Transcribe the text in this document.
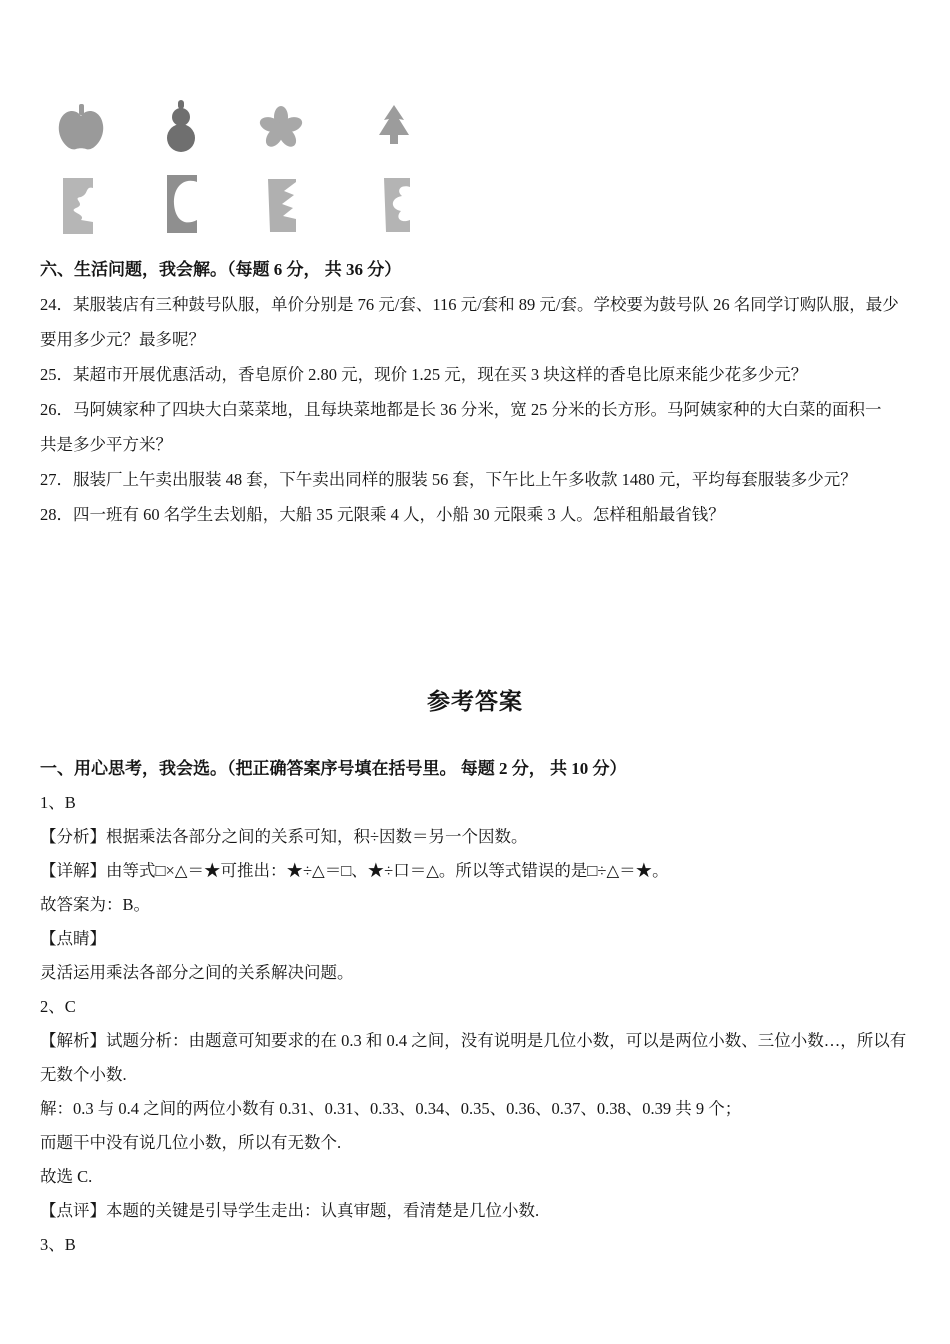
六、生活问题，我会解。（每题 6 分， 共 36 分）
24．某服装店有三种鼓号队服，单价分别是 76 元/套、116 元/套和 89 元/套。学校要为鼓号队 26 名同学订购队服，最少
要用多少元？最多呢？
25．某超市开展优惠活动，香皂原价 2.80 元，现价 1.25 元，现在买 3 块这样的香皂比原来能少花多少元？
26．马阿姨家种了四块大白菜菜地，且每块菜地都是长 36 分米，宽 25 分米的长方形。马阿姨家种的大白菜的面积一
共是多少平方米？
27．服装厂上午卖出服装 48 套，下午卖出同样的服装 56 套，下午比上午多收款 1480 元，平均每套服装多少元？
28．四一班有 60 名学生去划船，大船 35 元限乘 4 人，小船 30 元限乘 3 人。怎样租船最省钱？
参考答案
一、用心思考，我会选。（把正确答案序号填在括号里。 每题 2 分， 共 10 分）
1、B
【分析】根据乘法各部分之间的关系可知，积÷因数＝另一个因数。
【详解】由等式□×△＝★可推出：★÷△＝□、★÷口＝△。所以等式错误的是□÷△＝★。
故答案为：B。
【点睛】
灵活运用乘法各部分之间的关系解决问题。
2、C
【解析】试题分析：由题意可知要求的在 0.3 和 0.4 之间，没有说明是几位小数，可以是两位小数、三位小数…，所以有
无数个小数.
解：0.3 与 0.4 之间的两位小数有 0.31、0.31、0.33、0.34、0.35、0.36、0.37、0.38、0.39 共 9 个；
而题干中没有说几位小数，所以有无数个.
故选 C.
【点评】本题的关键是引导学生走出：认真审题，看清楚是几位小数.
3、B
